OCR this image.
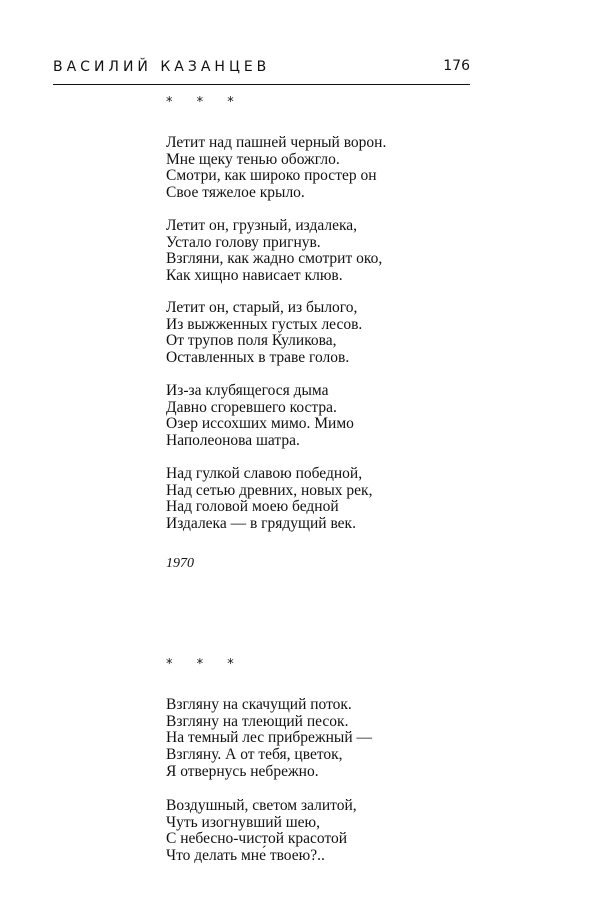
ВАСИЛИЙ КАЗАНЦЕВ	176
* * *
Летит над пашней черный ворон.
Мне щеку тенью обожгло.
Смотри, как широко простер он
Свое тяжелое крыло.
Летит он, грузный, издалека,
Устало голову пригнув.
Взгляни, как жадно смотрит око,
Как хищно нависает клюв.
Летит он, старый, из былого,
Из выжженных густых лесов.
От трупов поля Куликова,
Оставленных в траве голов.
Из-за клубящегося дыма
Давно сгоревшего костра.
Озер иссохших мимо. Мимо
Наполеонова шатра.
Над гулкой славою победной,
Над сетью древних, новых рек,
Над головой моею бедной
Издалека — в грядущий век.
1970
* * *
Взгляну на скачущий поток.
Взгляну на тлеющий песок.
На темный лес прибрежный —
Взгляну. А от тебя, цветок,
Я отвернусь небрежно.
Воздушный, светом залитой,
Чуть изогнувший шею,
С небесно-чистой красотой
Что делать мне́ твоею?..
